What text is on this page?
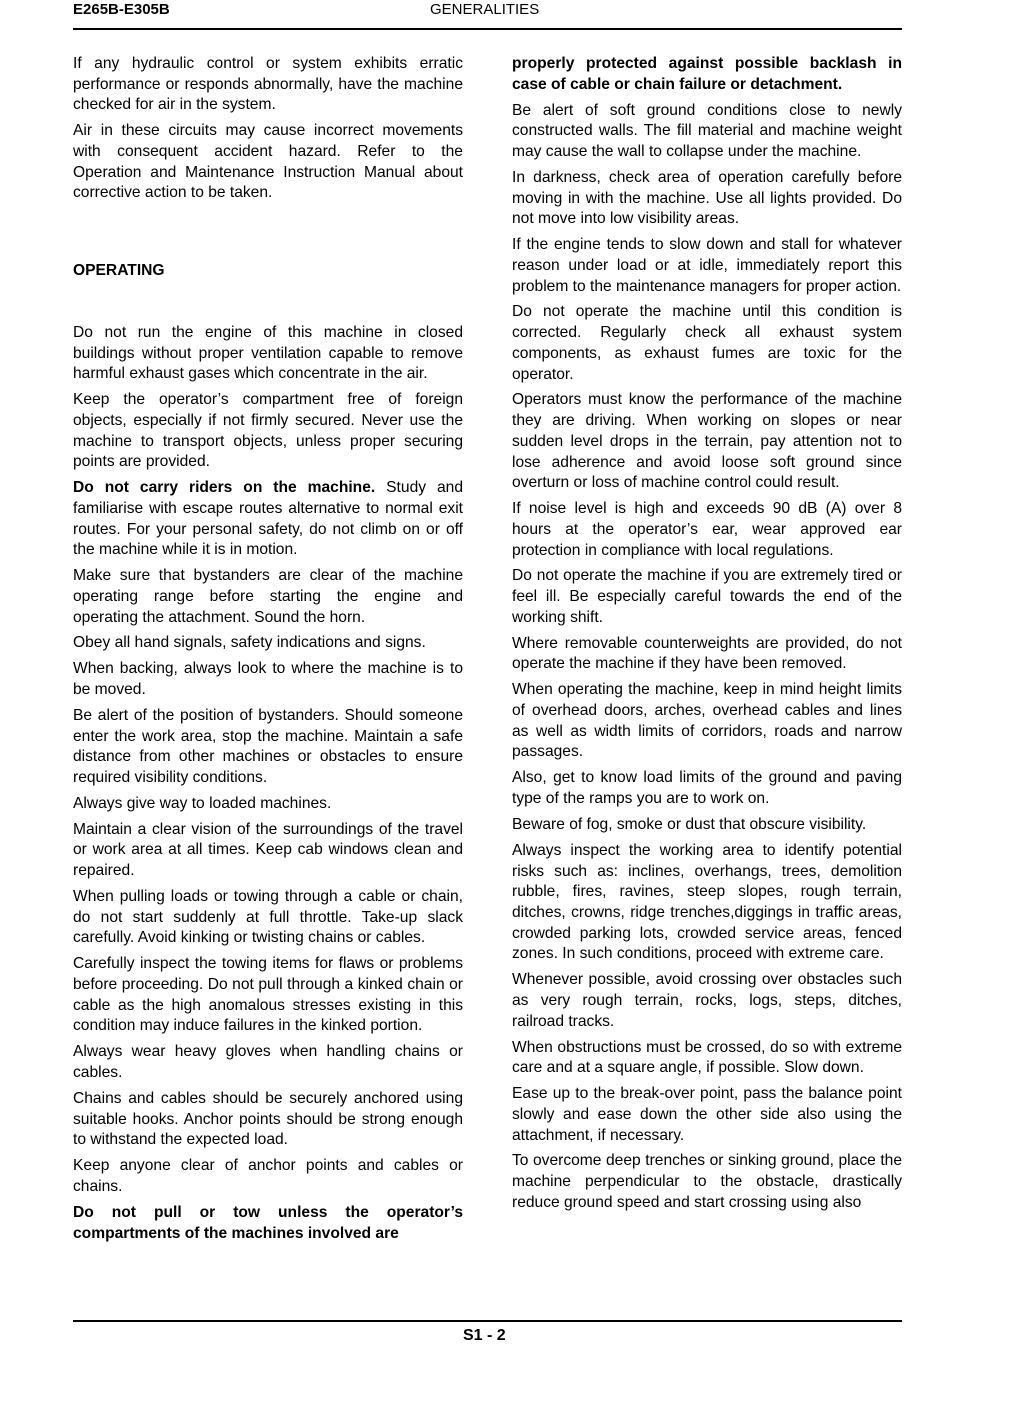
E265B-E305B	GENERALITIES

If any hydraulic control or system exhibits erratic performance or responds abnormally, have the machine checked for air in the system.

Air in these circuits may cause incorrect movements with consequent accident hazard. Refer to the Operation and Maintenance Instruction Manual about corrective action to be taken.

OPERATING

Do not run the engine of this machine in closed buildings without proper ventilation capable to remove harmful exhaust gases which concentrate in the air.

Keep the operator’s compartment free of foreign objects, especially if not firmly secured. Never use the machine to transport objects, unless proper securing points are provided.

Do not carry riders on the machine. Study and familiarise with escape routes alternative to normal exit routes. For your personal safety, do not climb on or off the machine while it is in motion.

Make sure that bystanders are clear of the machine operating range before starting the engine and operating the attachment. Sound the horn.

Obey all hand signals, safety indications and signs.

When backing, always look to where the machine is to be moved.

Be alert of the position of bystanders. Should someone enter the work area, stop the machine. Maintain a safe distance from other machines or obstacles to ensure required visibility conditions.

Always give way to loaded machines.

Maintain a clear vision of the surroundings of the travel or work area at all times. Keep cab windows clean and repaired.

When pulling loads or towing through a cable or chain, do not start suddenly at full throttle. Take-up slack carefully. Avoid kinking or twisting chains or cables.

Carefully inspect the towing items for flaws or problems before proceeding. Do not pull through a kinked chain or cable as the high anomalous stresses existing in this condition may induce failures in the kinked portion.

Always wear heavy gloves when handling chains or cables.

Chains and cables should be securely anchored using suitable hooks. Anchor points should be strong enough to withstand the expected load.

Keep anyone clear of anchor points and cables or chains.

Do not pull or tow unless the operator’s compartments of the machines involved are

properly protected against possible backlash in case of cable or chain failure or detachment.

Be alert of soft ground conditions close to newly constructed walls. The fill material and machine weight may cause the wall to collapse under the machine.

In darkness, check area of operation carefully before moving in with the machine. Use all lights provided. Do not move into low visibility areas.

If the engine tends to slow down and stall for whatever reason under load or at idle, immediately report this problem to the maintenance managers for proper action.

Do not operate the machine until this condition is corrected. Regularly check all exhaust system components, as exhaust fumes are toxic for the operator.

Operators must know the performance of the machine they are driving. When working on slopes or near sudden level drops in the terrain, pay attention not to lose adherence and avoid loose soft ground since overturn or loss of machine control could result.

If noise level is high and exceeds 90 dB (A) over 8 hours at the operator’s ear, wear approved ear protection in compliance with local regulations.

Do not operate the machine if you are extremely tired or feel ill. Be especially careful towards the end of the working shift.

Where removable counterweights are provided, do not operate the machine if they have been removed.

When operating the machine, keep in mind height limits of overhead doors, arches, overhead cables and lines as well as width limits of corridors, roads and narrow passages.

Also, get to know load limits of the ground and paving type of the ramps you are to work on.

Beware of fog, smoke or dust that obscure visibility.

Always inspect the working area to identify potential risks such as: inclines, overhangs, trees, demolition rubble, fires, ravines, steep slopes, rough terrain, ditches, crowns, ridge trenches,diggings in traffic areas, crowded parking lots, crowded service areas, fenced zones. In such conditions, proceed with extreme care.

Whenever possible, avoid crossing over obstacles such as very rough terrain, rocks, logs, steps, ditches, railroad tracks.

When obstructions must be crossed, do so with extreme care and at a square angle, if possible. Slow down.

Ease up to the break-over point, pass the balance point slowly and ease down the other side also using the attachment, if necessary.

To overcome deep trenches or sinking ground, place the machine perpendicular to the obstacle, drastically reduce ground speed and start crossing using also

S1 - 2
